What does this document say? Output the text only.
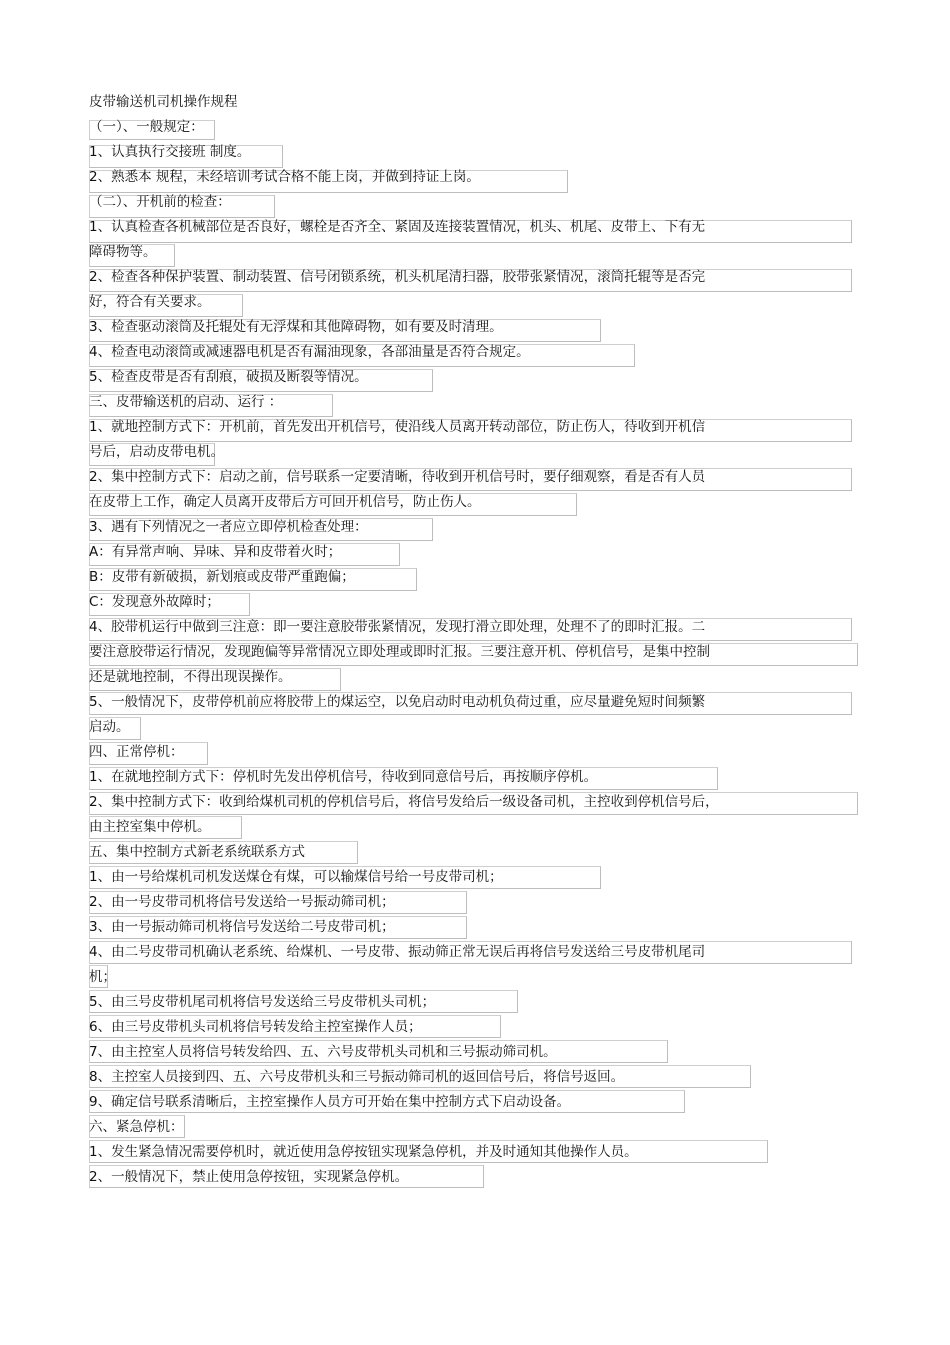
皮带输送机司机操作规程
（一）、一般规定：
1、认真执行交接班 制度。
2、熟悉本 规程，未经培训考试合格不能上岗，并做到持证上岗。
（二）、开机前的检查：
1、认真检查各机械部位是否良好，螺栓是否齐全、紧固及连接装置情况，机头、机尾、皮带上、下有无
障碍物等。
2、检查各种保护装置、制动装置、信号闭锁系统，机头机尾清扫器，胶带张紧情况，滚筒托辊等是否完
好，符合有关要求。
3、检查驱动滚筒及托辊处有无浮煤和其他障碍物，如有要及时清理。
4、检查电动滚筒或减速器电机是否有漏油现象，各部油量是否符合规定。
5、检查皮带是否有刮痕，破损及断裂等情况。
三、皮带输送机的启动、运行 ：
1、就地控制方式下：开机前，首先发出开机信号，使沿线人员离开转动部位，防止伤人，待收到开机信
号后，启动皮带电机。
2、集中控制方式下：启动之前，信号联系一定要清晰，待收到开机信号时，要仔细观察，看是否有人员
在皮带上工作，确定人员离开皮带后方可回开机信号，防止伤人。
3、遇有下列情况之一者应立即停机检查处理：
A：有异常声响、异味、异和皮带着火时；
B：皮带有新破损，新划痕或皮带严重跑偏；
C：发现意外故障时；
4、胶带机运行中做到三注意：即一要注意胶带张紧情况，发现打滑立即处理，处理不了的即时汇报。二
要注意胶带运行情况，发现跑偏等异常情况立即处理或即时汇报。三要注意开机、停机信号，是集中控制
还是就地控制，不得出现误操作。
5、一般情况下，皮带停机前应将胶带上的煤运空，以免启动时电动机负荷过重，应尽量避免短时间频繁
启动。
四、正常停机：
1、在就地控制方式下：停机时先发出停机信号，待收到同意信号后，再按顺序停机。
2、集中控制方式下：收到给煤机司机的停机信号后，将信号发给后一级设备司机，主控收到停机信号后，
由主控室集中停机。
五、集中控制方式新老系统联系方式
1、由一号给煤机司机发送煤仓有煤，可以输煤信号给一号皮带司机；
2、由一号皮带司机将信号发送给一号振动筛司机；
3、由一号振动筛司机将信号发送给二号皮带司机；
4、由二号皮带司机确认老系统、给煤机、一号皮带、振动筛正常无误后再将信号发送给三号皮带机尾司
机；
5、由三号皮带机尾司机将信号发送给三号皮带机头司机；
6、由三号皮带机头司机将信号转发给主控室操作人员；
7、由主控室人员将信号转发给四、五、六号皮带机头司机和三号振动筛司机。
8、主控室人员接到四、五、六号皮带机头和三号振动筛司机的返回信号后，将信号返回。
9、确定信号联系清晰后，主控室操作人员方可开始在集中控制方式下启动设备。
六、紧急停机：
1、发生紧急情况需要停机时，就近使用急停按钮实现紧急停机，并及时通知其他操作人员。
2、一般情况下，禁止使用急停按钮，实现紧急停机。
